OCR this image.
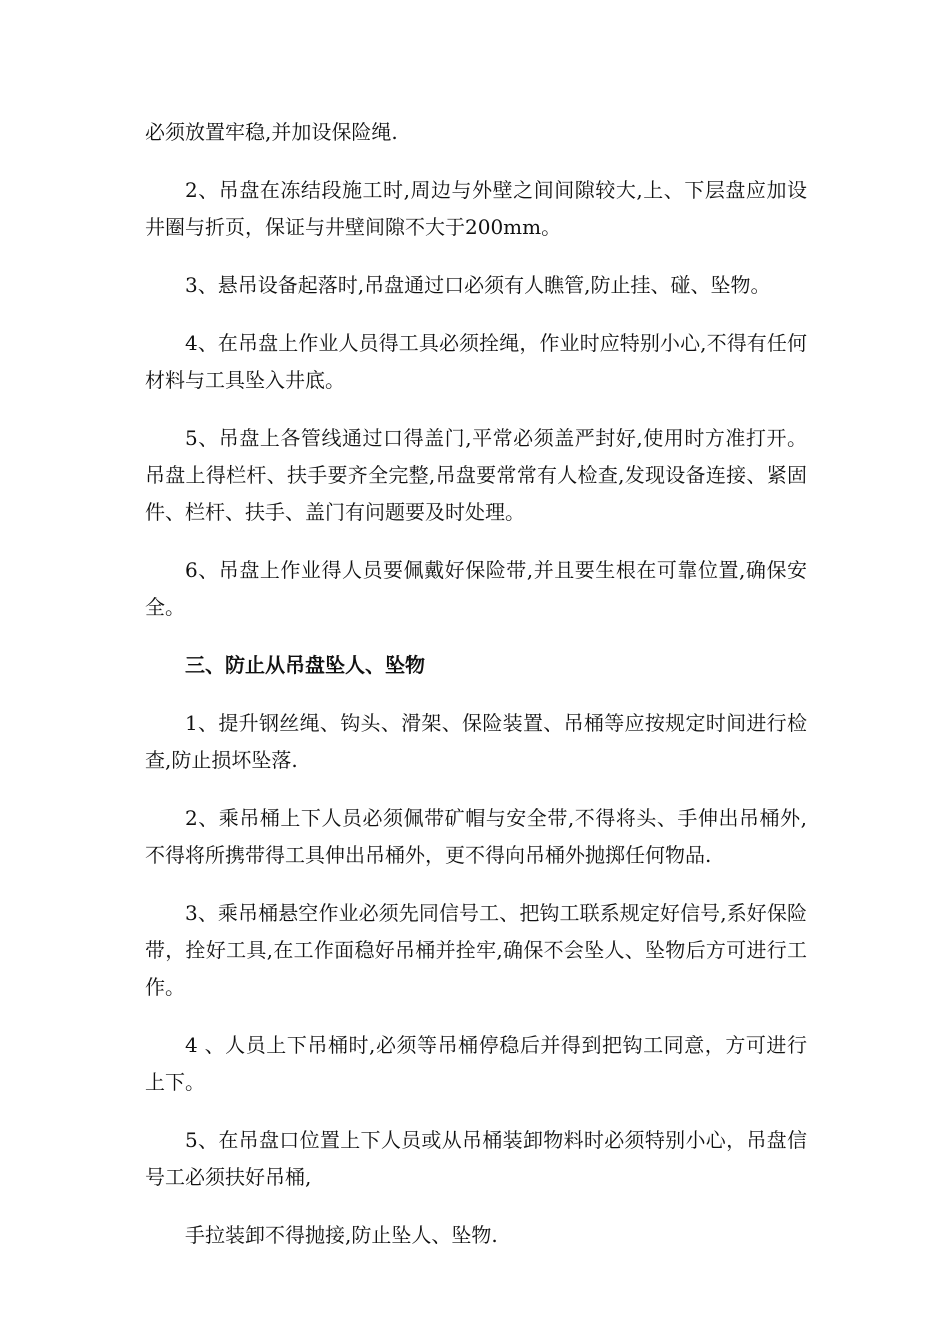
必须放置牢稳,并加设保险绳.

2、吊盘在冻结段施工时,周边与外壁之间间隙较大,上、下层盘应加设井圈与折页，保证与井壁间隙不大于200mm。

3、悬吊设备起落时,吊盘通过口必须有人瞧管,防止挂、碰、坠物。

4、在吊盘上作业人员得工具必须拴绳，作业时应特别小心,不得有任何材料与工具坠入井底。

5、吊盘上各管线通过口得盖门,平常必须盖严封好,使用时方准打开。吊盘上得栏杆、扶手要齐全完整,吊盘要常常有人检查,发现设备连接、紧固件、栏杆、扶手、盖门有问题要及时处理。

6、吊盘上作业得人员要佩戴好保险带,并且要生根在可靠位置,确保安全。

三、防止从吊盘坠人、坠物

1、提升钢丝绳、钩头、滑架、保险装置、吊桶等应按规定时间进行检查,防止损坏坠落.

2、乘吊桶上下人员必须佩带矿帽与安全带,不得将头、手伸出吊桶外,不得将所携带得工具伸出吊桶外，更不得向吊桶外抛掷任何物品.

3、乘吊桶悬空作业必须先同信号工、把钩工联系规定好信号,系好保险带，拴好工具,在工作面稳好吊桶并拴牢,确保不会坠人、坠物后方可进行工作。

4 、人员上下吊桶时,必须等吊桶停稳后并得到把钩工同意，方可进行上下。

5、在吊盘口位置上下人员或从吊桶装卸物料时必须特别小心，吊盘信号工必须扶好吊桶,

手拉装卸不得抛接,防止坠人、坠物.
